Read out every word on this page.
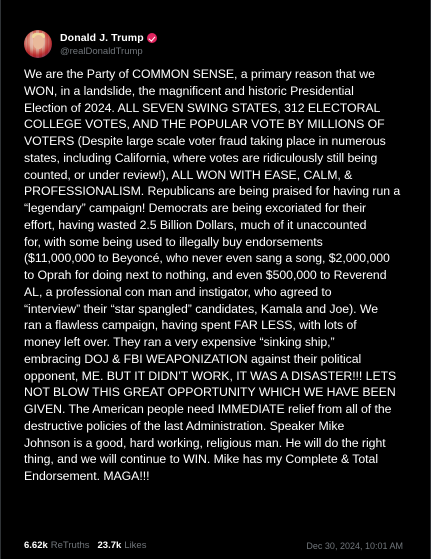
Donald J. Trump
@realDonaldTrump
We are the Party of COMMON SENSE, a primary reason that we
WON, in a landslide, the magnificent and historic Presidential
Election of 2024. ALL SEVEN SWING STATES, 312 ELECTORAL
COLLEGE VOTES, AND THE POPULAR VOTE BY MILLIONS OF
VOTERS (Despite large scale voter fraud taking place in numerous
states, including California, where votes are ridiculously still being
counted, or under review!), ALL WON WITH EASE, CALM, &
PROFESSIONALISM. Republicans are being praised for having run a
“legendary” campaign! Democrats are being excoriated for their
effort, having wasted 2.5 Billion Dollars, much of it unaccounted
for, with some being used to illegally buy endorsements
($11,000,000 to Beyoncé, who never even sang a song, $2,000,000
to Oprah for doing next to nothing, and even $500,000 to Reverend
AL, a professional con man and instigator, who agreed to
“interview” their “star spangled” candidates, Kamala and Joe). We
ran a flawless campaign, having spent FAR LESS, with lots of
money left over. They ran a very expensive “sinking ship,”
embracing DOJ & FBI WEAPONIZATION against their political
opponent, ME. BUT IT DIDN’T WORK, IT WAS A DISASTER!!! LETS
NOT BLOW THIS GREAT OPPORTUNITY WHICH WE HAVE BEEN
GIVEN. The American people need IMMEDIATE relief from all of the
destructive policies of the last Administration. Speaker Mike
Johnson is a good, hard working, religious man. He will do the right
thing, and we will continue to WIN. Mike has my Complete & Total
Endorsement. MAGA!!!
6.62k ReTruths 23.7k Likes	Dec 30, 2024, 10:01 AM
